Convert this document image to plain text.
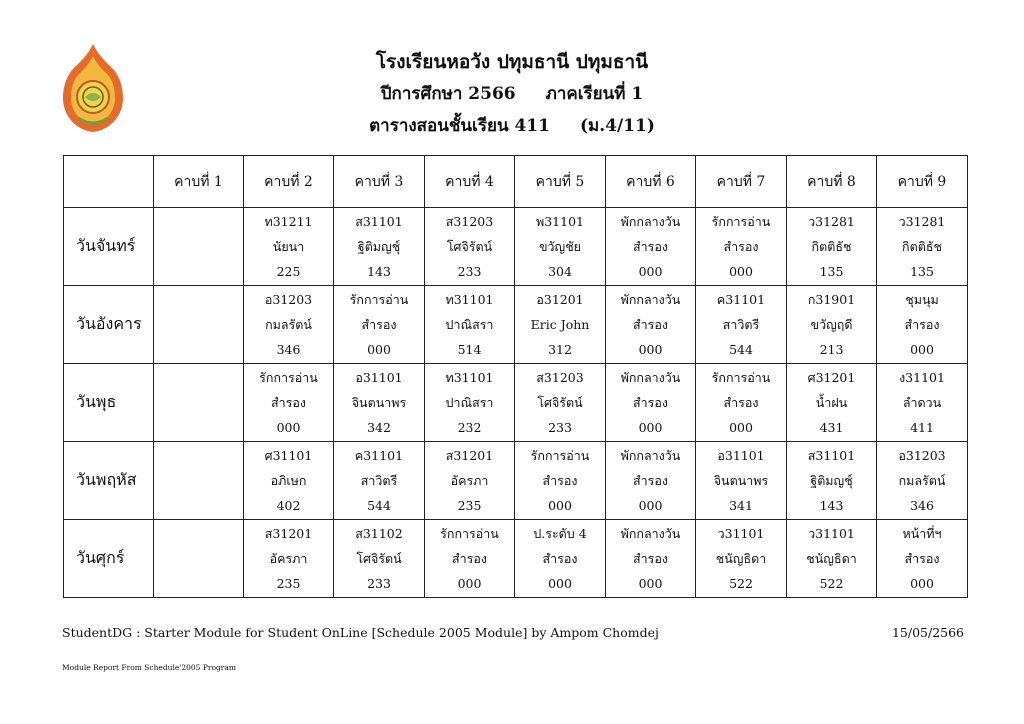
โรงเรียนหอวัง ปทุมธานี ปทุมธานี
ปีการศึกษา 2566 ภาคเรียนที่ 1
ตารางสอนชั้นเรียน 411 (ม.4/11)
	คาบที่ 1	คาบที่ 2	คาบที่ 3	คาบที่ 4	คาบที่ 5	คาบที่ 6	คาบที่ 7	คาบที่ 8	คาบที่ 9
วันจันทร์		ท31211
นัยนา
225	ส31101
ฐิติมญชุ์
143	ส31203
โศจิรัตน์
233	พ31101
ขวัญชัย
304	พักกลางวัน
สำรอง
000	รักการอ่าน
สำรอง
000	ว31281
กิตติธัช
135	ว31281
กิตติธัช
135

วันอังคาร		อ31203
กมลรัตน์
346	รักการอ่าน
สำรอง
000	ท31101
ปาณิสรา
514	อ31201
Eric John
312	พักกลางวัน
สำรอง
000	ค31101
สาวิตรี
544	ก31901
ขวัญฤดี
213	ชุมนุม
สำรอง
000

วันพุธ		รักการอ่าน
สำรอง
000	อ31101
จินตนาพร
342	ท31101
ปาณิสรา
232	ส31203
โศจิรัตน์
233	พักกลางวัน
สำรอง
000	รักการอ่าน
สำรอง
000	ศ31201
น้ำฝน
431	ง31101
ลำดวน
411

วันพฤหัส		ศ31101
อภิเษก
402	ค31101
สาวิตรี
544	ส31201
อัครภา
235	รักการอ่าน
สำรอง
000	พักกลางวัน
สำรอง
000	อ31101
จินตนาพร
341	ส31101
ฐิติมญชุ์
143	อ31203
กมลรัตน์
346

วันศุกร์		ส31201
อัครภา
235	ส31102
โศจิรัตน์
233	รักการอ่าน
สำรอง
000	ป.ระดับ 4
สำรอง
000	พักกลางวัน
สำรอง
000	ว31101
ชนัญธิดา
522	ว31101
ชนัญธิดา
522	หน้าที่ฯ
สำรอง
000
StudentDG : Starter Module for Student OnLine [Schedule 2005 Module] by Ampom Chomdej	15/05/2566
Module Report From Schedule'2005 Program
